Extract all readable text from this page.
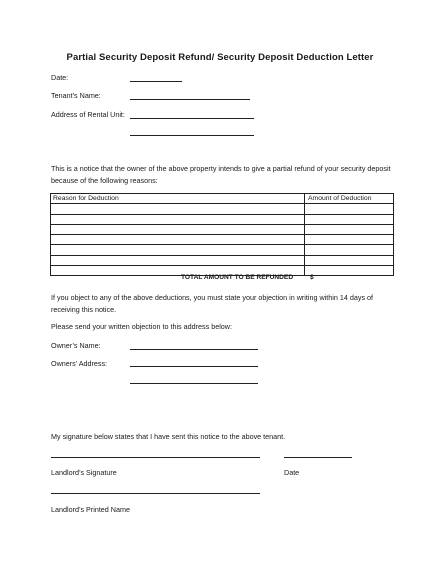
Partial Security Deposit Refund/ Security Deposit Deduction Letter
Date:
Tenant’s Name:
Address of Rental Unit:
This is a notice that the owner of the above property intends to give a partial refund of your security deposit because of the following reasons:
Reason for Deduction	Amount of Deduction

TOTAL AMOUNT TO BE REFUNDED	$
If you object to any of the above deductions, you must state your objection in writing within 14 days of receiving this notice.
Please send your written objection to this address below:
Owner’s Name:
Owners’ Address:
My signature below states that I have sent this notice to the above tenant.
Landlord’s Signature	Date
Landlord’s Printed Name
